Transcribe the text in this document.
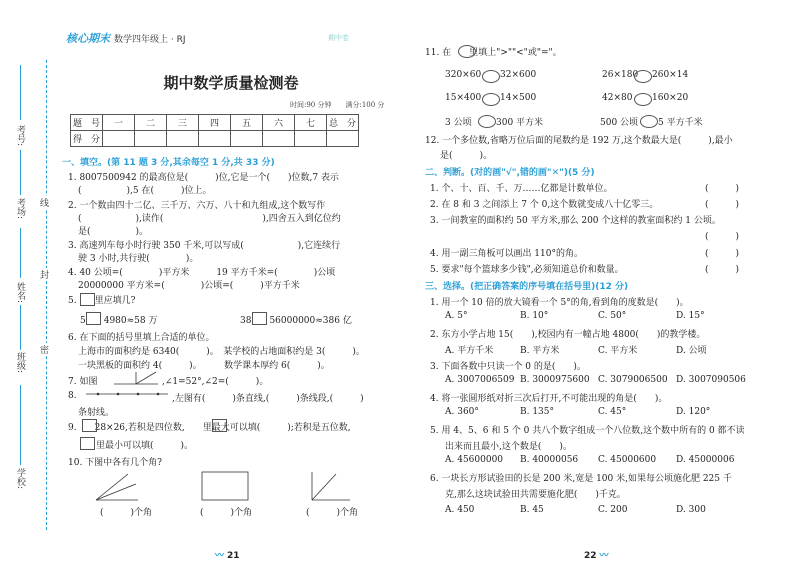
考号:
考场: 线
姓名:
封
班级:
密
学校:
核心期末 数学四年级上 · RJ	期中卷
期中数学质量检测卷
时间:90 分钟　　满分:100 分
题　号	一	二	三	四	五	六	七	总　分
得　分								
一、填空。(第 11 题 3 分,其余每空 1 分,共 33 分)
1. 8007500942 的最高位是(　　　)位,它是一个(　　)位数,7 表示
(　　　　　),5 在(　　　)位上。
2. 一个数由四十二亿、三千万、六万、八十和九组成,这个数写作
(　　　　　　),读作(　　　　　　　　　　　),四舍五入到亿位约
是(　　　　　)。
3. 高速列车每小时行驶 350 千米,可以写成(　　　　　　),它连续行
驶 3 小时,共行驶(　　　　)。
4. 40 公顷=(　　　　)平方米　　　19 平方千米=(　　　　)公顷
20000000 平方米=(　　　　)公顷=(　　　)平方千米
5.　　里应填几?
5　　4980≈58 万	38　　56000000≈386 亿
6. 在下面的括号里填上合适的单位。
上海市的面积约是 6340(　　　)。　某学校的占地面积约是 3(　　　)。
一块黑板的面积约 4(　　　)。　　　数学课本厚约 6(　　　)。
7. 如图	,∠1=52°,∠2=(　　　)。
8.	,左图有(　　　)条直线,(　　　)条线段,(　　　)
条射线。
9.　　28×26,若积是四位数,　　里最大可以填(　　　);若积是五位数,
　　里最小可以填(　　　)。
10. 下图中各有几个角?
(　　　)个角	(　　　)个角	(　　　)个角
〰 21
11. 在　　里填上">""<"或"="。
320×60 32×600	26×180 260×14
15×400 14×500	42×80 160×20
3 公顷	300 平方米	500 公顷 5 平方千米
12. 一个多位数,省略万位后面的尾数约是 192 万,这个数最大是(　　　),最小
是(　　　)。
二、判断。(对的画"√",错的画"✕")(5 分)
1. 个、十、百、千、万……亿都是计数单位。	(　　　)
2. 在 8 和 3 之间添上 7 个 0,这个数就变成八十亿零三。	(　　　)
3. 一间教室的面积约 50 平方米,那么 200 个这样的教室面积约 1 公顷。
(　　　)
4. 用一副三角板可以画出 110°的角。	(　　　)
5. 要求"每个篮球多少钱",必须知道总价和数量。	(　　　)
三、选择。(把正确答案的序号填在括号里)(12 分)
1. 用一个 10 倍的放大镜看一个 5°的角,看到角的度数是(　　)。
A. 5°	B. 10°	C. 50°	D. 15°
2. 东方小学占地 15(　　),校园内有一幢占地 4800(　　)的教学楼。
A. 平方千米	B. 平方米	C. 平方米	D. 公顷
3. 下面各数中只读一个 0 的是(　　)。
A. 3007006509 B. 3000975600 C. 3079006500 D. 3007090506
4. 将一张圆形纸对折三次后打开,不可能出现的角是(　　)。
A. 360°	B. 135°	C. 45°	D. 120°
5. 用 4、5、6 和 5 个 0 共八个数字组成一个八位数,这个数中所有的 0 都不读
出来而且最小,这个数是(　　)。
A. 45600000 B. 40000056 C. 45000600 D. 45000006
6. 一块长方形试验田的长是 200 米,宽是 100 米,如果每公顷施化肥 225 千
克,那么这块试验田共需要施化肥(　　)千克。
A. 450	B. 45	C. 200	D. 300
22 〰
